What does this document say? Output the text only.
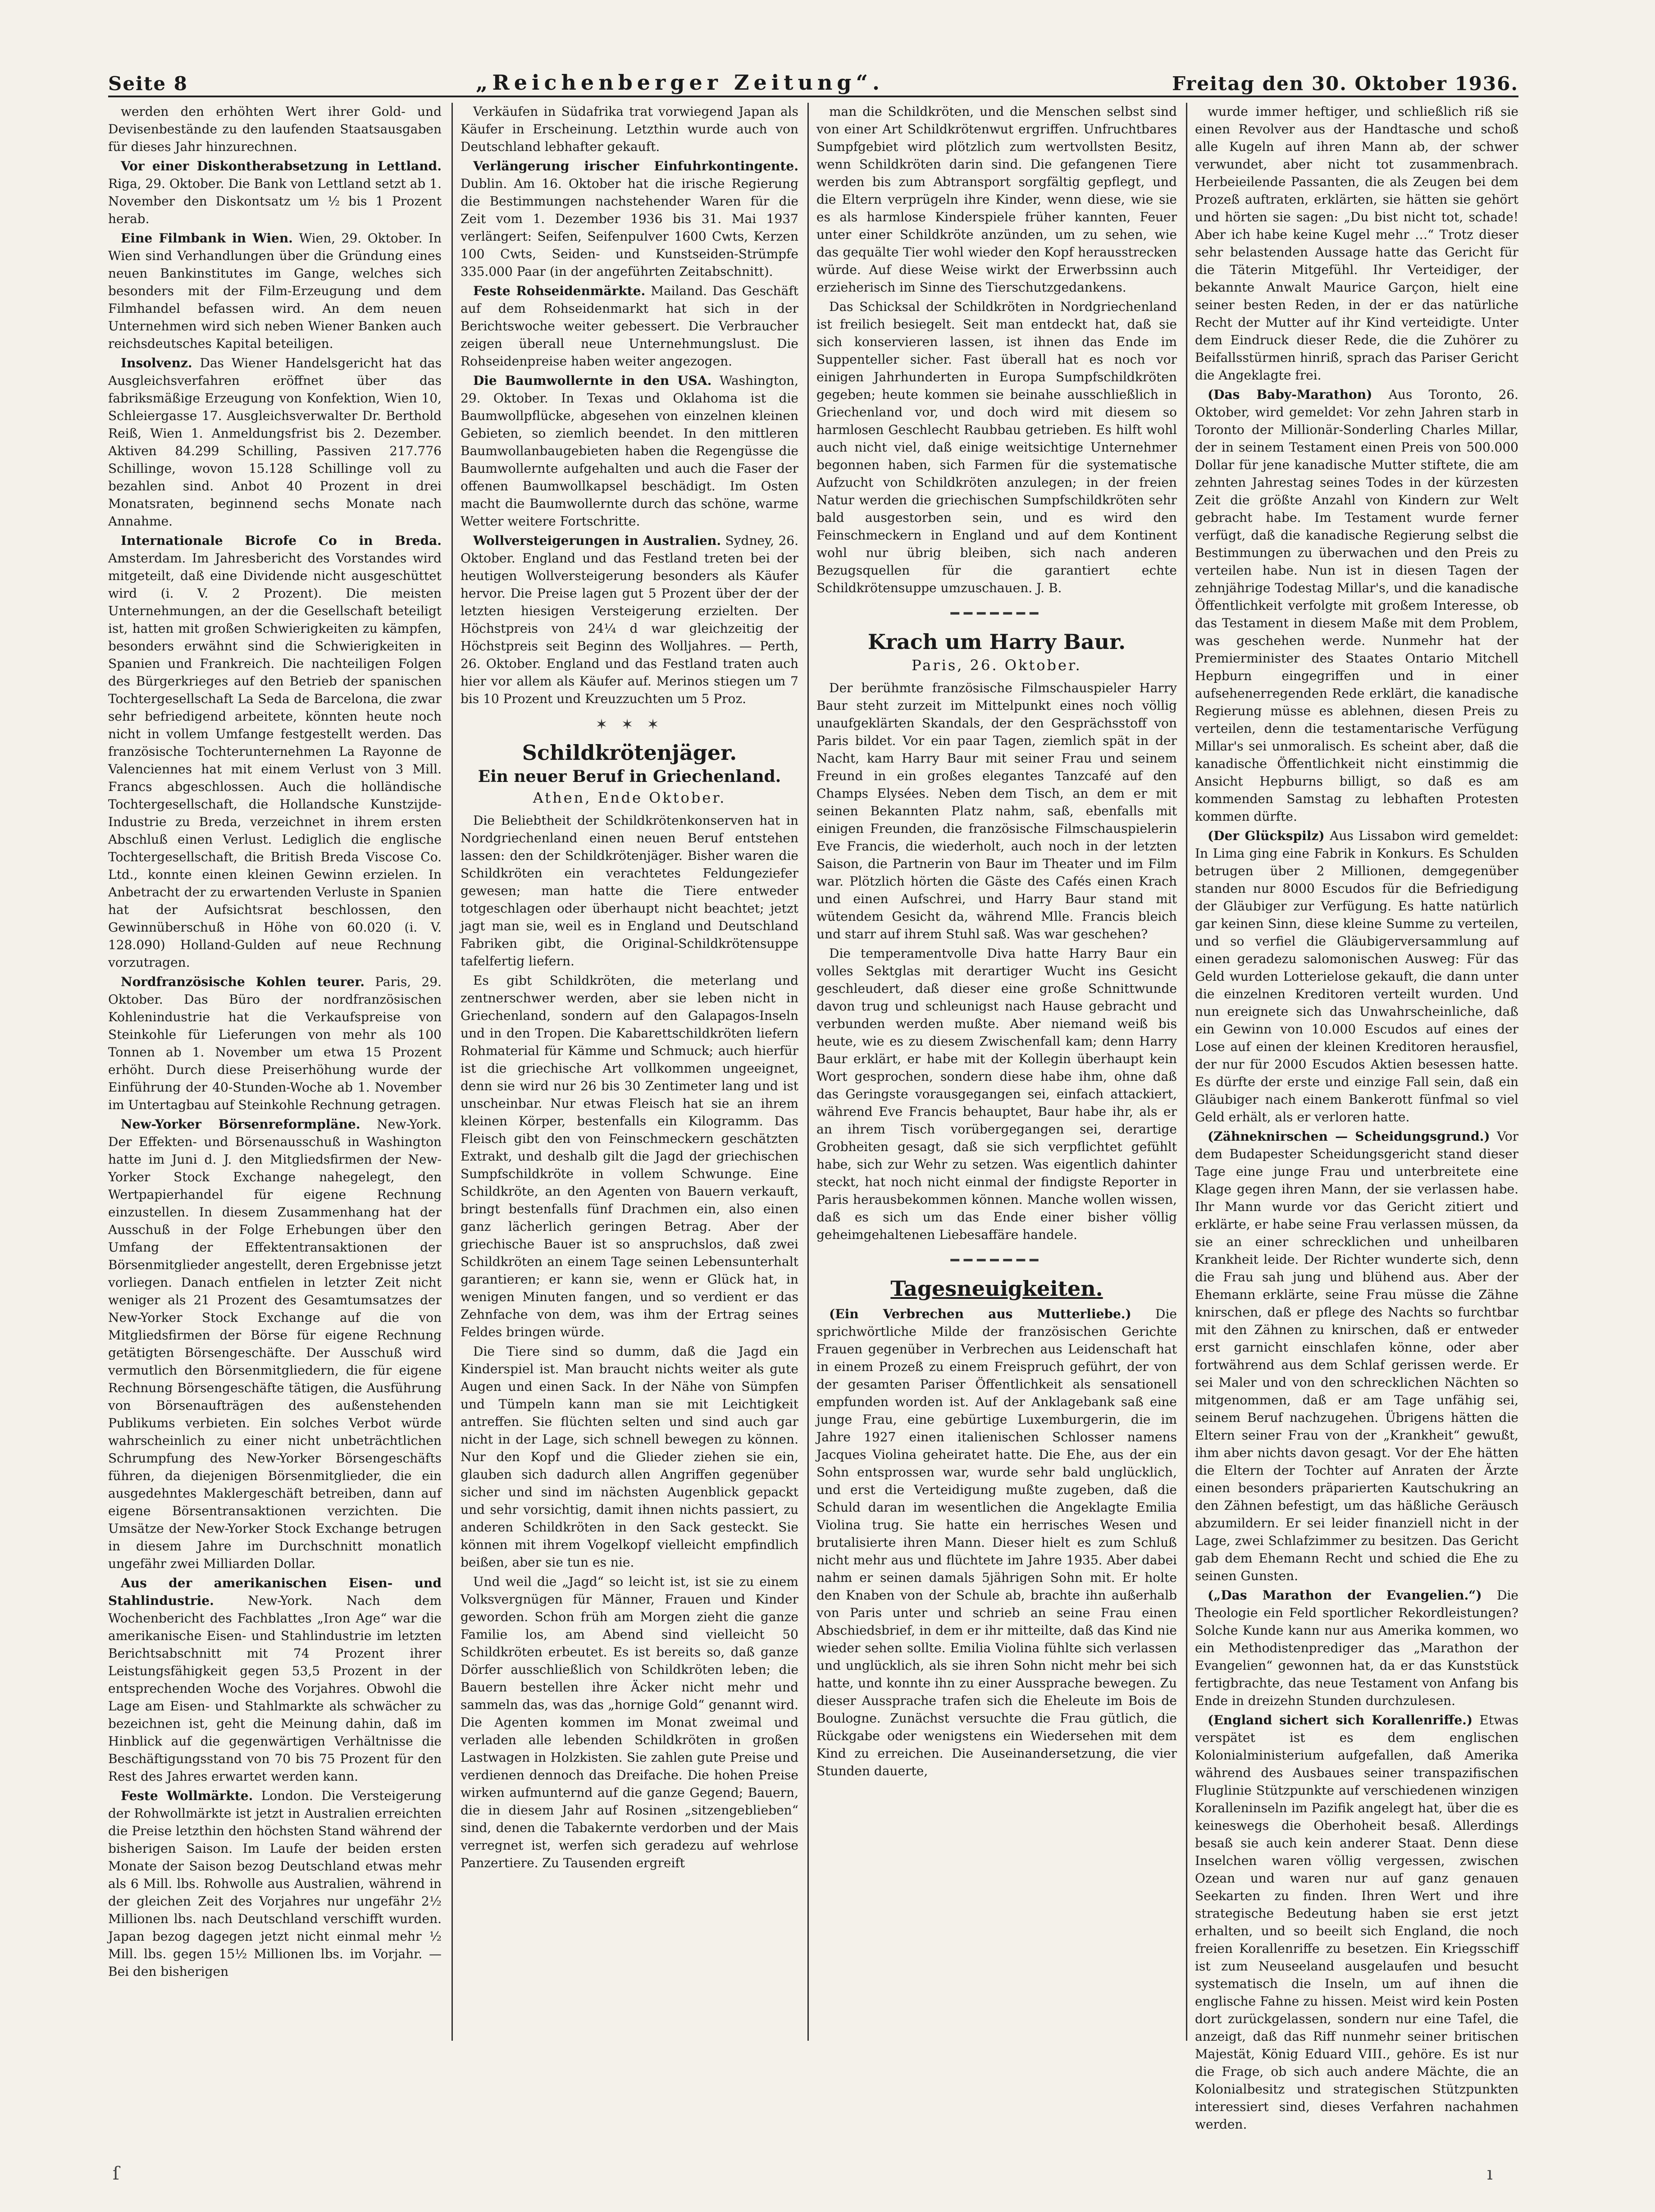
Seite 8	„Reichenberger Zeitung“.	Freitag den 30. Oktober 1936.

werden den erhöhten Wert ihrer Gold- und Devisenbestände zu den laufenden Staatsausgaben für dieses Jahr hinzurechnen.

Vor einer Diskontherabsetzung in Lettland. Riga, 29. Oktober. Die Bank von Lettland setzt ab 1. November den Diskontsatz um ½ bis 1 Prozent herab.

Eine Filmbank in Wien. Wien, 29. Oktober. In Wien sind Verhandlungen über die Gründung eines neuen Bankinstitutes im Gange, welches sich besonders mit der Film-Erzeugung und dem Filmhandel befassen wird. An dem neuen Unternehmen wird sich neben Wiener Banken auch reichsdeutsches Kapital beteiligen.

Insolvenz. Das Wiener Handelsgericht hat das Ausgleichsverfahren eröffnet über das fabriksmäßige Erzeugung von Konfektion, Wien 10, Schleiergasse 17. Ausgleichsverwalter Dr. Berthold Reiß, Wien 1. Anmeldungsfrist bis 2. Dezember. Aktiven 84.299 Schilling, Passiven 217.776 Schillinge, wovon 15.128 Schillinge voll zu bezahlen sind. Anbot 40 Prozent in drei Monatsraten, beginnend sechs Monate nach Annahme.

Internationale Bicrofe Co in Breda. Amsterdam. Im Jahresbericht des Vorstandes wird mitgeteilt, daß eine Dividende nicht ausgeschüttet wird (i. V. 2 Prozent). Die meisten Unternehmungen, an der die Gesellschaft beteiligt ist, hatten mit großen Schwierigkeiten zu kämpfen, besonders erwähnt sind die Schwierigkeiten in Spanien und Frankreich. Die nachteiligen Folgen des Bürgerkrieges auf den Betrieb der spanischen Tochtergesellschaft La Seda de Barcelona, die zwar sehr befriedigend arbeitete, könnten heute noch nicht in vollem Umfange festgestellt werden. Das französische Tochterunternehmen La Rayonne de Valenciennes hat mit einem Verlust von 3 Mill. Francs abgeschlossen. Auch die holländische Tochtergesellschaft, die Hollandsche Kunstzijde-Industrie zu Breda, verzeichnet in ihrem ersten Abschluß einen Verlust. Lediglich die englische Tochtergesellschaft, die British Breda Viscose Co. Ltd., konnte einen kleinen Gewinn erzielen. In Anbetracht der zu erwartenden Verluste in Spanien hat der Aufsichtsrat beschlossen, den Gewinnüberschuß in Höhe von 60.020 (i. V. 128.090) Holland-Gulden auf neue Rechnung vorzutragen.

Nordfranzösische Kohlen teurer. Paris, 29. Oktober. Das Büro der nordfranzösischen Kohlenindustrie hat die Verkaufspreise von Steinkohle für Lieferungen von mehr als 100 Tonnen ab 1. November um etwa 15 Prozent erhöht. Durch diese Preiserhöhung wurde der Einführung der 40-Stunden-Woche ab 1. November im Untertagbau auf Steinkohle Rechnung getragen.

New-Yorker Börsenreformpläne. New-York. Der Effekten- und Börsenausschuß in Washington hatte im Juni d. J. den Mitgliedsfirmen der New-Yorker Stock Exchange nahegelegt, den Wertpapierhandel für eigene Rechnung einzustellen. In diesem Zusammenhang hat der Ausschuß in der Folge Erhebungen über den Umfang der Effektentransaktionen der Börsenmitglieder angestellt, deren Ergebnisse jetzt vorliegen. Danach entfielen in letzter Zeit nicht weniger als 21 Prozent des Gesamtumsatzes der New-Yorker Stock Exchange auf die von Mitgliedsfirmen der Börse für eigene Rechnung getätigten Börsengeschäfte. Der Ausschuß wird vermutlich den Börsenmitgliedern, die für eigene Rechnung Börsengeschäfte tätigen, die Ausführung von Börsenaufträgen des außenstehenden Publikums verbieten. Ein solches Verbot würde wahrscheinlich zu einer nicht unbeträchtlichen Schrumpfung des New-Yorker Börsengeschäfts führen, da diejenigen Börsenmitglieder, die ein ausgedehntes Maklergeschäft betreiben, dann auf eigene Börsentransaktionen verzichten. Die Umsätze der New-Yorker Stock Exchange betrugen in diesem Jahre im Durchschnitt monatlich ungefähr zwei Milliarden Dollar.

Aus der amerikanischen Eisen- und Stahlindustrie.	New-York. Nach dem Wochenbericht des Fachblattes „Iron Age“ war die amerikanische Eisen- und Stahlindustrie im letzten Berichtsabschnitt mit 74 Prozent ihrer Leistungsfähigkeit gegen 53,5 Prozent in der entsprechenden Woche des Vorjahres. Obwohl die Lage am Eisen- und Stahlmarkte als schwächer zu bezeichnen ist, geht die Meinung dahin, daß im Hinblick auf die gegenwärtigen Verhältnisse die Beschäftigungsstand von 70 bis 75 Prozent für den Rest des Jahres erwartet werden kann.

Feste Wollmärkte. London. Die Versteigerung der Rohwollmärkte ist jetzt in Australien erreichten die Preise letzthin den höchsten Stand während der bisherigen Saison. Im Laufe der beiden ersten Monate der Saison bezog Deutschland etwas mehr als 6 Mill. lbs. Rohwolle aus Australien, während in der gleichen Zeit des Vorjahres nur ungefähr 2½ Millionen lbs. nach Deutschland verschifft wurden. Japan bezog dagegen jetzt nicht einmal mehr ½ Mill. lbs. gegen 15½ Millionen lbs. im Vorjahr. — Bei den bisherigen

Verkäufen in Südafrika trat vorwiegend Japan als Käufer in Erscheinung. Letzthin wurde auch von Deutschland lebhafter gekauft.

Verlängerung irischer Einfuhrkontingente. Dublin. Am 16. Oktober hat die irische Regierung die Bestimmungen nachstehender Waren für die Zeit vom 1. Dezember 1936 bis 31. Mai 1937 verlängert: Seifen, Seifenpulver 1600 Cwts, Kerzen 100 Cwts, Seiden- und Kunstseiden-Strümpfe 335.000 Paar (in der angeführten Zeitabschnitt).

Feste Rohseidenmärkte. Mailand. Das Geschäft auf dem Rohseidenmarkt hat sich in der Berichtswoche weiter gebessert. Die Verbraucher zeigen überall neue Unternehmungslust. Die Rohseidenpreise haben weiter angezogen.

Die Baumwollernte in den USA. Washington, 29. Oktober. In Texas und Oklahoma ist die Baumwollpflücke, abgesehen von einzelnen kleinen Gebieten, so ziemlich beendet. In den mittleren Baumwollanbaugebieten haben die Regengüsse die Baumwollernte aufgehalten und auch die Faser der offenen Baumwollkapsel beschädigt. Im Osten macht die Baumwollernte durch das schöne, warme Wetter weitere Fortschritte.

Wollversteigerungen in Australien. Sydney, 26. Oktober. England und das Festland treten bei der heutigen Wollversteigerung besonders als Käufer hervor. Die Preise lagen gut 5 Prozent über der der letzten hiesigen Versteigerung erzielten. Der Höchstpreis von 24¼ d war gleichzeitig der Höchstpreis seit Beginn des Wolljahres. — Perth, 26. Oktober. England und das Festland traten auch hier vor allem als Käufer auf. Merinos stiegen um 7 bis 10 Prozent und Kreuzzuchten um 5 Proz.

✶ ✶ ✶
Schildkrötenjäger.
Ein neuer Beruf in Griechenland.
Athen, Ende Oktober.

Die Beliebtheit der Schildkrötenkonserven hat in Nordgriechenland einen neuen Beruf entstehen lassen: den der Schildkrötenjäger. Bisher waren die Schildkröten ein verachtetes Feldungeziefer gewesen; man hatte die Tiere entweder totgeschlagen oder überhaupt nicht beachtet; jetzt jagt man sie, weil es in England und Deutschland Fabriken gibt, die Original-Schildkrötensuppe tafelfertig liefern.

Es gibt Schildkröten, die meterlang und zentnerschwer werden, aber sie leben nicht in Griechenland, sondern auf den Galapagos-Inseln und in den Tropen. Die Kabarettschildkröten liefern Rohmaterial für Kämme und Schmuck; auch hierfür ist die griechische Art vollkommen ungeeignet, denn sie wird nur 26 bis 30 Zentimeter lang und ist unscheinbar. Nur etwas Fleisch hat sie an ihrem kleinen Körper, bestenfalls ein Kilogramm. Das Fleisch gibt den von Feinschmeckern geschätzten Extrakt, und deshalb gilt die Jagd der griechischen Sumpfschildkröte in vollem Schwunge. Eine Schildkröte, an den Agenten von Bauern verkauft, bringt bestenfalls fünf Drachmen ein, also einen ganz lächerlich geringen Betrag. Aber der griechische Bauer ist so anspruchslos, daß zwei Schildkröten an einem Tage seinen Lebensunterhalt garantieren; er kann sie, wenn er Glück hat, in wenigen Minuten fangen, und so verdient er das Zehnfache von dem, was ihm der Ertrag seines Feldes bringen würde.

Die Tiere sind so dumm, daß die Jagd ein Kinderspiel ist. Man braucht nichts weiter als gute Augen und einen Sack. In der Nähe von Sümpfen und Tümpeln kann man sie mit Leichtigkeit antreffen. Sie flüchten selten und sind auch gar nicht in der Lage, sich schnell bewegen zu können. Nur den Kopf und die Glieder ziehen sie ein, glauben sich dadurch allen Angriffen gegenüber sicher und sind im nächsten Augenblick gepackt und sehr vorsichtig, damit ihnen nichts passiert, zu anderen Schildkröten in den Sack gesteckt. Sie können mit ihrem Vogelkopf vielleicht empfindlich beißen, aber sie tun es nie.

Und weil die „Jagd“ so leicht ist, ist sie zu einem Volksvergnügen für Männer, Frauen und Kinder geworden. Schon früh am Morgen zieht die ganze Familie los, am Abend sind vielleicht 50 Schildkröten erbeutet. Es ist bereits so, daß ganze Dörfer ausschließlich von Schildkröten leben; die Bauern bestellen ihre Äcker nicht mehr und sammeln das, was das „hornige Gold“ genannt wird. Die Agenten kommen im Monat zweimal und verladen alle lebenden Schildkröten in großen Lastwagen in Holzkisten. Sie zahlen gute Preise und verdienen dennoch das Dreifache. Die hohen Preise wirken aufmunternd auf die ganze Gegend; Bauern, die in diesem Jahr auf Rosinen „sitzengeblieben“ sind, denen die Tabakernte verdorben und der Mais verregnet ist, werfen sich geradezu auf wehrlose Panzertiere. Zu Tausenden ergreift

man die Schildkröten, und die Menschen selbst sind von einer Art Schildkrötenwut ergriffen. Unfruchtbares Sumpfgebiet wird plötzlich zum wertvollsten Besitz, wenn Schildkröten darin sind. Die gefangenen Tiere werden bis zum Abtransport sorgfältig gepflegt, und die Eltern verprügeln ihre Kinder, wenn diese, wie sie es als harmlose Kinderspiele früher kannten, Feuer unter einer Schildkröte anzünden, um zu sehen, wie das gequälte Tier wohl wieder den Kopf herausstrecken würde. Auf diese Weise wirkt der Erwerbssinn auch erzieherisch im Sinne des Tierschutzgedankens.

Das Schicksal der Schildkröten in Nordgriechenland ist freilich besiegelt. Seit man entdeckt hat, daß sie sich konservieren lassen, ist ihnen das Ende im Suppenteller sicher. Fast überall hat es noch vor einigen Jahrhunderten in Europa Sumpfschildkröten gegeben; heute kommen sie beinahe ausschließlich in Griechenland vor, und doch wird mit diesem so harmlosen Geschlecht Raubbau getrieben. Es hilft wohl auch nicht viel, daß einige weitsichtige Unternehmer begonnen haben, sich Farmen für die systematische Aufzucht von Schildkröten anzulegen; in der freien Natur werden die griechischen Sumpfschildkröten sehr bald ausgestorben sein, und es wird den Feinschmeckern in England und auf dem Kontinent wohl nur übrig bleiben, sich nach anderen Bezugsquellen für die garantiert echte Schildkrötensuppe umzuschauen. J. B.

━━━━━━━
Krach um Harry Baur.
Paris, 26. Oktober.

Der berühmte französische Filmschauspieler Harry Baur steht zurzeit im Mittelpunkt eines noch völlig unaufgeklärten Skandals, der den Gesprächsstoff von Paris bildet. Vor ein paar Tagen, ziemlich spät in der Nacht, kam Harry Baur mit seiner Frau und seinem Freund in ein großes elegantes Tanzcafé auf den Champs Elysées. Neben dem Tisch, an dem er mit seinen Bekannten Platz nahm, saß, ebenfalls mit einigen Freunden, die französische Filmschauspielerin Eve Francis, die wiederholt, auch noch in der letzten Saison, die Partnerin von Baur im Theater und im Film war. Plötzlich hörten die Gäste des Cafés einen Krach und einen Aufschrei, und Harry Baur stand mit wütendem Gesicht da, während Mlle. Francis bleich und starr auf ihrem Stuhl saß. Was war geschehen?

Die temperamentvolle Diva hatte Harry Baur ein volles Sektglas mit derartiger Wucht ins Gesicht geschleudert, daß dieser eine große Schnittwunde davon trug und schleunigst nach Hause gebracht und verbunden werden mußte. Aber niemand weiß bis heute, wie es zu diesem Zwischenfall kam; denn Harry Baur erklärt, er habe mit der Kollegin überhaupt kein Wort gesprochen, sondern diese habe ihm, ohne daß das Geringste vorausgegangen sei, einfach attackiert, während Eve Francis behauptet, Baur habe ihr, als er an ihrem Tisch vorübergegangen sei, derartige Grobheiten gesagt, daß sie sich verpflichtet gefühlt habe, sich zur Wehr zu setzen. Was eigentlich dahinter steckt, hat noch nicht einmal der findigste Reporter in Paris herausbekommen können. Manche wollen wissen, daß es sich um das Ende einer bisher völlig geheimgehaltenen Liebesaffäre handele.

━━━━━━━
Tagesneuigkeiten.

(Ein Verbrechen aus Mutterliebe.) Die sprichwörtliche Milde der französischen Gerichte Frauen gegenüber in Verbrechen aus Leidenschaft hat in einem Prozeß zu einem Freispruch geführt, der von der gesamten Pariser Öffentlichkeit als sensationell empfunden worden ist. Auf der Anklagebank saß eine junge Frau, eine gebürtige Luxemburgerin, die im Jahre 1927 einen italienischen Schlosser namens Jacques Violina geheiratet hatte. Die Ehe, aus der ein Sohn entsprossen war, wurde sehr bald unglücklich, und erst die Verteidigung mußte zugeben, daß die Schuld daran im wesentlichen die Angeklagte Emilia Violina trug. Sie hatte ein herrisches Wesen und brutalisierte ihren Mann. Dieser hielt es zum Schluß nicht mehr aus und flüchtete im Jahre 1935. Aber dabei nahm er seinen damals 5jährigen Sohn mit. Er holte den Knaben von der Schule ab, brachte ihn außerhalb von Paris unter und schrieb an seine Frau einen Abschiedsbrief, in dem er ihr mitteilte, daß das Kind nie wieder sehen sollte. Emilia Violina fühlte sich verlassen und unglücklich, als sie ihren Sohn nicht mehr bei sich hatte, und konnte ihn zu einer Aussprache bewegen. Zu dieser Aussprache trafen sich die Eheleute im Bois de Boulogne. Zunächst versuchte die Frau gütlich, die Rückgabe oder wenigstens ein Wiedersehen mit dem Kind zu erreichen. Die Auseinandersetzung, die vier Stunden dauerte,

wurde immer heftiger, und schließlich riß sie einen Revolver aus der Handtasche und schoß alle Kugeln auf ihren Mann ab, der schwer verwundet, aber nicht tot zusammenbrach. Herbeieilende Passanten, die als Zeugen bei dem Prozeß auftraten, erklärten, sie hätten sie gehört und hörten sie sagen: „Du bist nicht tot, schade! Aber ich habe keine Kugel mehr …“ Trotz dieser sehr belastenden Aussage hatte das Gericht für die Täterin Mitgefühl. Ihr Verteidiger, der bekannte Anwalt Maurice Garçon, hielt eine seiner besten Reden, in der er das natürliche Recht der Mutter auf ihr Kind verteidigte. Unter dem Eindruck dieser Rede, die die Zuhörer zu Beifallsstürmen hinriß, sprach das Pariser Gericht die Angeklagte frei.

(Das Baby-Marathon) Aus Toronto, 26. Oktober, wird gemeldet: Vor zehn Jahren starb in Toronto der Millionär-Sonderling Charles Millar, der in seinem Testament einen Preis von 500.000 Dollar für jene kanadische Mutter stiftete, die am zehnten Jahrestag seines Todes in der kürzesten Zeit die größte Anzahl von Kindern zur Welt gebracht habe. Im Testament wurde ferner verfügt, daß die kanadische Regierung selbst die Bestimmungen zu überwachen und den Preis zu verteilen habe. Nun ist in diesen Tagen der zehnjährige Todestag Millar's, und die kanadische Öffentlichkeit verfolgte mit großem Interesse, ob das Testament in diesem Maße mit dem Problem, was geschehen werde. Nunmehr hat der Premierminister des Staates Ontario Mitchell Hepburn eingegriffen und in einer aufsehenerregenden Rede erklärt, die kanadische Regierung müsse es ablehnen, diesen Preis zu verteilen, denn die testamentarische Verfügung Millar's sei unmoralisch. Es scheint aber, daß die kanadische Öffentlichkeit nicht einstimmig die Ansicht Hepburns billigt, so daß es am kommenden Samstag zu lebhaften Protesten kommen dürfte.

(Der Glückspilz) Aus Lissabon wird gemeldet: In Lima ging eine Fabrik in Konkurs. Es Schulden betrugen über 2 Millionen, demgegenüber standen nur 8000 Escudos für die Befriedigung der Gläubiger zur Verfügung. Es hatte natürlich gar keinen Sinn, diese kleine Summe zu verteilen, und so verfiel die Gläubigerversammlung auf einen geradezu salomonischen Ausweg: Für das Geld wurden Lotterielose gekauft, die dann unter die einzelnen Kreditoren verteilt wurden. Und nun ereignete sich das Unwahrscheinliche, daß ein Gewinn von 10.000 Escudos auf eines der Lose auf einen der kleinen Kreditoren herausfiel, der nur für 2000 Escudos Aktien besessen hatte. Es dürfte der erste und einzige Fall sein, daß ein Gläubiger nach einem Bankerott fünfmal so viel Geld erhält, als er verloren hatte.

(Zähneknirschen — Scheidungsgrund.) Vor dem Budapester Scheidungsgericht stand dieser Tage eine junge Frau und unterbreitete eine Klage gegen ihren Mann, der sie verlassen habe. Ihr Mann wurde vor das Gericht zitiert und erklärte, er habe seine Frau verlassen müssen, da sie an einer schrecklichen und unheilbaren Krankheit leide. Der Richter wunderte sich, denn die Frau sah jung und blühend aus. Aber der Ehemann erklärte, seine Frau müsse die Zähne knirschen, daß er pflege des Nachts so furchtbar mit den Zähnen zu knirschen, daß er entweder erst garnicht einschlafen könne, oder aber fortwährend aus dem Schlaf gerissen werde. Er sei Maler und von den schrecklichen Nächten so mitgenommen, daß er am Tage unfähig sei, seinem Beruf nachzugehen. Übrigens hätten die Eltern seiner Frau von der „Krankheit“ gewußt, ihm aber nichts davon gesagt. Vor der Ehe hätten die Eltern der Tochter auf Anraten der Ärzte einen besonders präparierten Kautschukring an den Zähnen befestigt, um das häßliche Geräusch abzumildern. Er sei leider finanziell nicht in der Lage, zwei Schlafzimmer zu besitzen. Das Gericht gab dem Ehemann Recht und schied die Ehe zu seinen Gunsten.

(„Das Marathon der Evangelien.“) Die Theologie ein Feld sportlicher Rekordleistungen? Solche Kunde kann nur aus Amerika kommen, wo ein Methodistenprediger das „Marathon der Evangelien“ gewonnen hat, da er das Kunststück fertigbrachte, das neue Testament von Anfang bis Ende in dreizehn Stunden durchzulesen.

(England sichert sich Korallenriffe.) Etwas verspätet ist es dem englischen Kolonialministerium aufgefallen, daß Amerika während des Ausbaues seiner transpazifischen Fluglinie Stützpunkte auf verschiedenen winzigen Koralleninseln im Pazifik angelegt hat, über die es keineswegs die Oberhoheit besaß. Allerdings besaß sie auch kein anderer Staat. Denn diese Inselchen waren völlig vergessen, zwischen Ozean und waren nur auf ganz genauen Seekarten zu finden. Ihren Wert und ihre strategische Bedeutung haben sie erst jetzt erhalten, und so beeilt sich England, die noch freien Korallenriffe zu besetzen. Ein Kriegsschiff ist zum Neuseeland ausgelaufen und besucht systematisch die Inseln, um auf ihnen die englische Fahne zu hissen. Meist wird kein Posten dort zurückgelassen, sondern nur eine Tafel, die anzeigt, daß das Riff nunmehr seiner britischen Majestät, König Eduard VIII., gehöre. Es ist nur die Frage, ob sich auch andere Mächte, die an Kolonialbesitz und strategischen Stützpunkten interessiert sind, dieses Verfahren nachahmen werden.

ſ	ı
